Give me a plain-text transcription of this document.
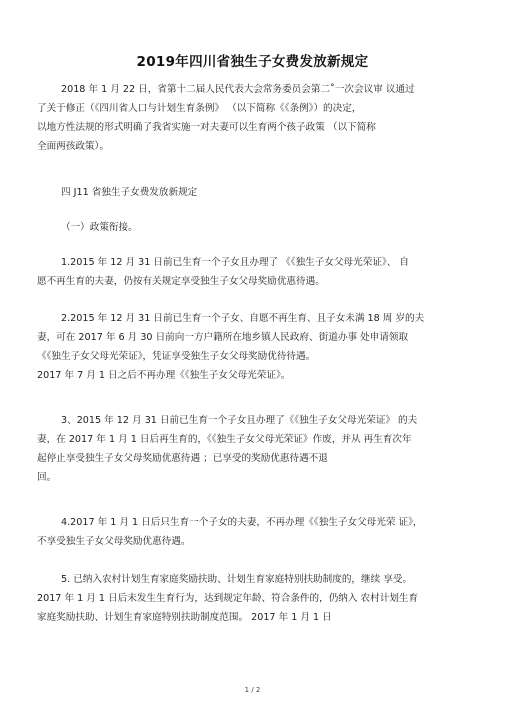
2019年四川省独生子女费发放新规定
2018 年 1 月 22 日，省第十二届人民代表大会常务委员会第二˚一次会议审 议通过
了关于修正（《四川省人口与计划生育条例》 （以下简称《《条例》）的决定，
以地方性法规的形式明确了我省实施一对夫妻可以生育两个孩子政策 （以下简称
全面两孩政策）。
四 J11 省独生子女费发放新规定
（一）政策衔接。
1.2015 年 12 月 31 日前已生育一个子女且办理了 《《独生子女父母光荣证》、 自
愿不再生育的夫妻，仍按有关规定享受独生子女父母奖励优惠待遇。
2.2015 年 12 月 31 日前已生育一个子女、自愿不再生育、且子女未满 18 周 岁的夫
妻，可在 2017 年 6 月 30 日前向一方户籍所在地乡镇人民政府、街道办事 处申请领取
《《独生子女父母光荣证》，凭证享受独生子女父母奖励优待待遇。
2017 年 7 月 1 日之后不再办理《《独生子女父母光荣证》。
3、2015 年 12 月 31 日前已生育一个子女且办理了《《独生子女父母光荣证》 的夫
妻，在 2017 年 1 月 1 日后再生育的，《《独生子女父母光荣证》作废，并从 再生育次年
起停止享受独生子女父母奖励优惠待遇 ；已享受的奖励优惠待遇不退
回。
4.2017 年 1 月 1 日后只生育一个子女的夫妻，不再办理《《独生子女父母光荣 证》，
不享受独生子女父母奖励优惠待遇。
5. 已纳入农村计划生育家庭奖励扶助、计划生育家庭特别扶助制度的，继续 享受。
2017 年 1 月 1 日后未发生生育行为，达到规定年龄、符合条件的，仍纳入 农村计划生育
家庭奖励扶助、计划生育家庭特别扶助制度范围。 2017 年 1 月 1 日
1 / 2
